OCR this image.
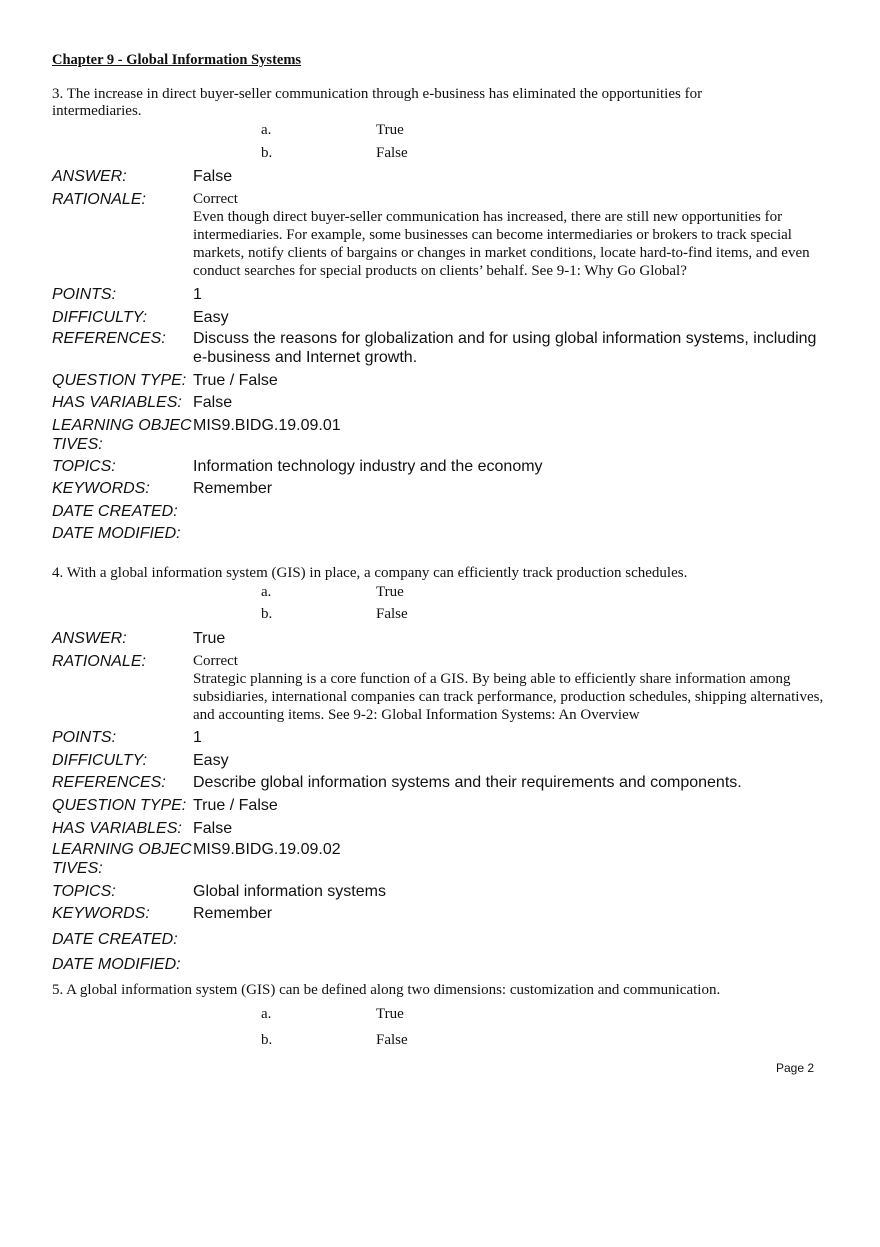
Chapter 9 - Global Information Systems
3. The increase in direct buyer-seller communication through e-business has eliminated the opportunities for intermediaries.
a.	True
b.	False
ANSWER:	False
RATIONALE:	Correct
Even though direct buyer-seller communication has increased, there are still new opportunities for intermediaries. For example, some businesses can become intermediaries or brokers to track special markets, notify clients of bargains or changes in market conditions, locate hard-to-find items, and even conduct searches for special products on clients’ behalf. See 9-1: Why Go Global?
POINTS:	1
DIFFICULTY:	Easy
REFERENCES:	Discuss the reasons for globalization and for using global information systems, including e-business and Internet growth.
QUESTION TYPE: True / False
HAS VARIABLES: False
LEARNING OBJECTIVES:
MIS9.BIDG.19.09.01
TOPICS:	Information technology industry and the economy
KEYWORDS:	Remember
DATE CREATED:
DATE MODIFIED:
4. With a global information system (GIS) in place, a company can efficiently track production schedules.
a.	True
b.	False
ANSWER:	True
RATIONALE:	Correct
Strategic planning is a core function of a GIS. By being able to efficiently share information among subsidiaries, international companies can track performance, production schedules, shipping alternatives, and accounting items. See 9-2: Global Information Systems: An Overview
POINTS:	1
DIFFICULTY:	Easy
REFERENCES:	Describe global information systems and their requirements and components.
QUESTION TYPE: True / False
HAS VARIABLES: False
LEARNING OBJECTIVES:
MIS9.BIDG.19.09.02
TOPICS:	Global information systems
KEYWORDS:	Remember
DATE CREATED:
DATE MODIFIED:
5. A global information system (GIS) can be defined along two dimensions: customization and communication.
a.	True
b.	False
Page 2
